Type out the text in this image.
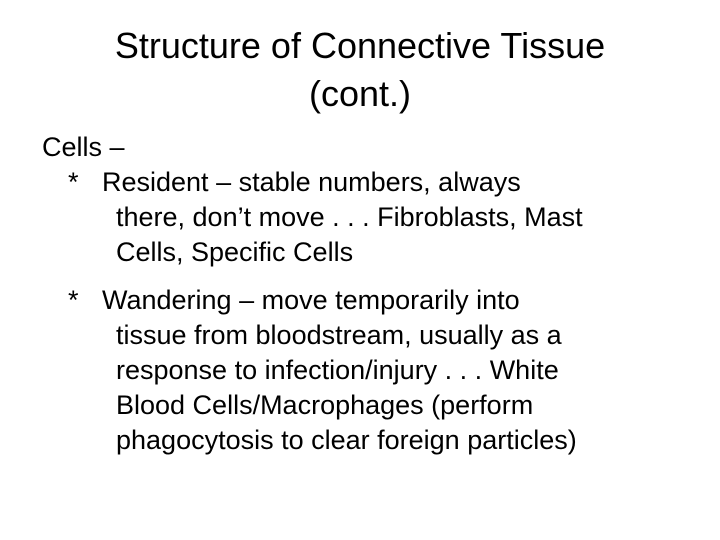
Structure of Connective Tissue
(cont.)
Cells –
* Resident – stable numbers, always
there, don’t move . . . Fibroblasts, Mast
Cells, Specific Cells
* Wandering – move temporarily into
tissue from bloodstream, usually as a
response to infection/injury . . . White
Blood Cells/Macrophages (perform
phagocytosis to clear foreign particles)
